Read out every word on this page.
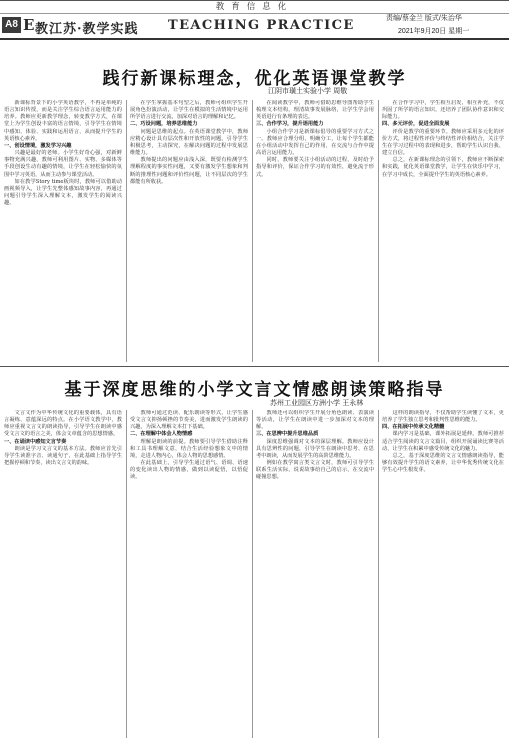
教育信息化
A8 E 教江苏·教学实践 TEACHING PRACTICE	责编/蔡金兰 版式/朱治华
2021年9月20日 星期一
践行新课标理念，优化英语课堂教学
江阴市璜土实验小学 周敬

新课标背景下的小学英语教学，不再是单纯的语言知识传授，而是关注学生综合语言运用能力的培养。教师应更新教学理念，转变教学方式，在课堂上为学生创设丰富的语言情境，引导学生在情境中感知、体验、实践和运用语言，从而提升学生的英语核心素养。

一、创设情境，激发学习兴趣

兴趣是最好的老师。小学生好奇心强，对新鲜事物充满兴趣，教师可利用图片、实物、多媒体等手段创设生动有趣的情境，让学生在轻松愉快的氛围中学习英语，从而主动参与课堂活动。

如在教学Story time板块时，教师可以借助动画视频导入，让学生先整体感知故事内容，再通过问题引导学生深入理解文本，激发学生的阅读兴趣。

在学生掌握基本句型之后，教师可组织学生开展角色扮演活动，让学生在模拟的生活情境中运用所学语言进行交流，加深对语言的理解和记忆。

二、巧设问题，培养思维能力

问题是思维的起点。在英语课堂教学中，教师应精心设计具有层次性和开放性的问题，引导学生积极思考，主动探究，在解决问题的过程中发展思维能力。

教师提出的问题应由浅入深，既要有检测学生理解程度的事实性问题，又要有激发学生想象和判断的推理性问题和评价性问题，让不同层次的学生都能有所收获。

在阅读教学中，教师可借助思维导图帮助学生梳理文本结构，理清故事发展脉络，让学生学会用英语进行有条理的表达。

三、合作学习，提升语用能力

小组合作学习是新课标倡导的重要学习方式之一。教师应合理分组，明确分工，让每个学生都能在小组活动中发挥自己的作用，在交流与合作中提高语言运用能力。

同时，教师要关注小组活动的过程，及时给予指导和评价，保证合作学习的有效性，避免流于形式。

在合作学习中，学生相互启发、相互补充，不仅巩固了所学的语言知识，还培养了团队协作意识和交际能力。

四、多元评价，促进全面发展

评价是教学的重要环节。教师应采用多元化的评价方式，将过程性评价与终结性评价相结合，关注学生在学习过程中的表现和进步，帮助学生认识自我、建立自信。

总之，在新课标理念的引领下，教师应不断探索和实践，优化英语课堂教学，让学生在快乐中学习，在学习中成长，全面提升学生的英语核心素养。

基于深度思维的小学文言文情感朗读策略指导
苏州工业园区方洲小学 王永林

文言文作为中华传统文化的重要载体，具有语言凝练、意蕴深远的特点。在小学语文教学中，教师应重视文言文的朗读指导，引导学生在朗读中感受文言文的语言之美，体会文章蕴含的思想情感。

一、在诵读中感知文言节奏

朗读是学习文言文的基本方法。教师应首先引导学生读准字音、读通句子，在此基础上指导学生把握停顿和节奏，读出文言文的韵味。

教师可通过范读、配乐朗读等形式，让学生感受文言文抑扬顿挫的节奏美，进而激发学生朗读的兴趣，为深入理解文本打下基础。

二、在理解中体会人物情感

理解是朗读的前提。教师要引导学生借助注释和工具书理解文意，结合生活经验想象文中的情境，走进人物内心，体会人物的思想感情。

在此基础上，引导学生通过语气、语调、语速的变化读出人物的情感，做到以读促悟，以悟促读。

教师还可以组织学生开展分角色朗读、表演读等活动，让学生在朗读中进一步加深对文本的理解。

三、在思辨中提升思维品质

深度思维强调对文本的深层理解。教师应设计具有思辨性的问题，引导学生在朗读中思考、在思考中朗读，从而发展学生的高阶思维能力。

例如在教学寓言类文言文时，教师可引导学生联系生活实际，说说故事给自己的启示，在交流中碰撞思想。

这样的朗读指导，不仅帮助学生读懂了文本，更培养了学生独立思考和批判性思维的能力。

四、在拓展中传承文化精髓

课内学习是基础，课外拓展是延伸。教师可推荐适合学生阅读的文言文篇目，组织开展诵读比赛等活动，让学生在积累中感受传统文化的魅力。

总之，基于深度思维的文言文情感朗读指导，能够有效提升学生的语文素养，让中华优秀传统文化在学生心中生根发芽。
